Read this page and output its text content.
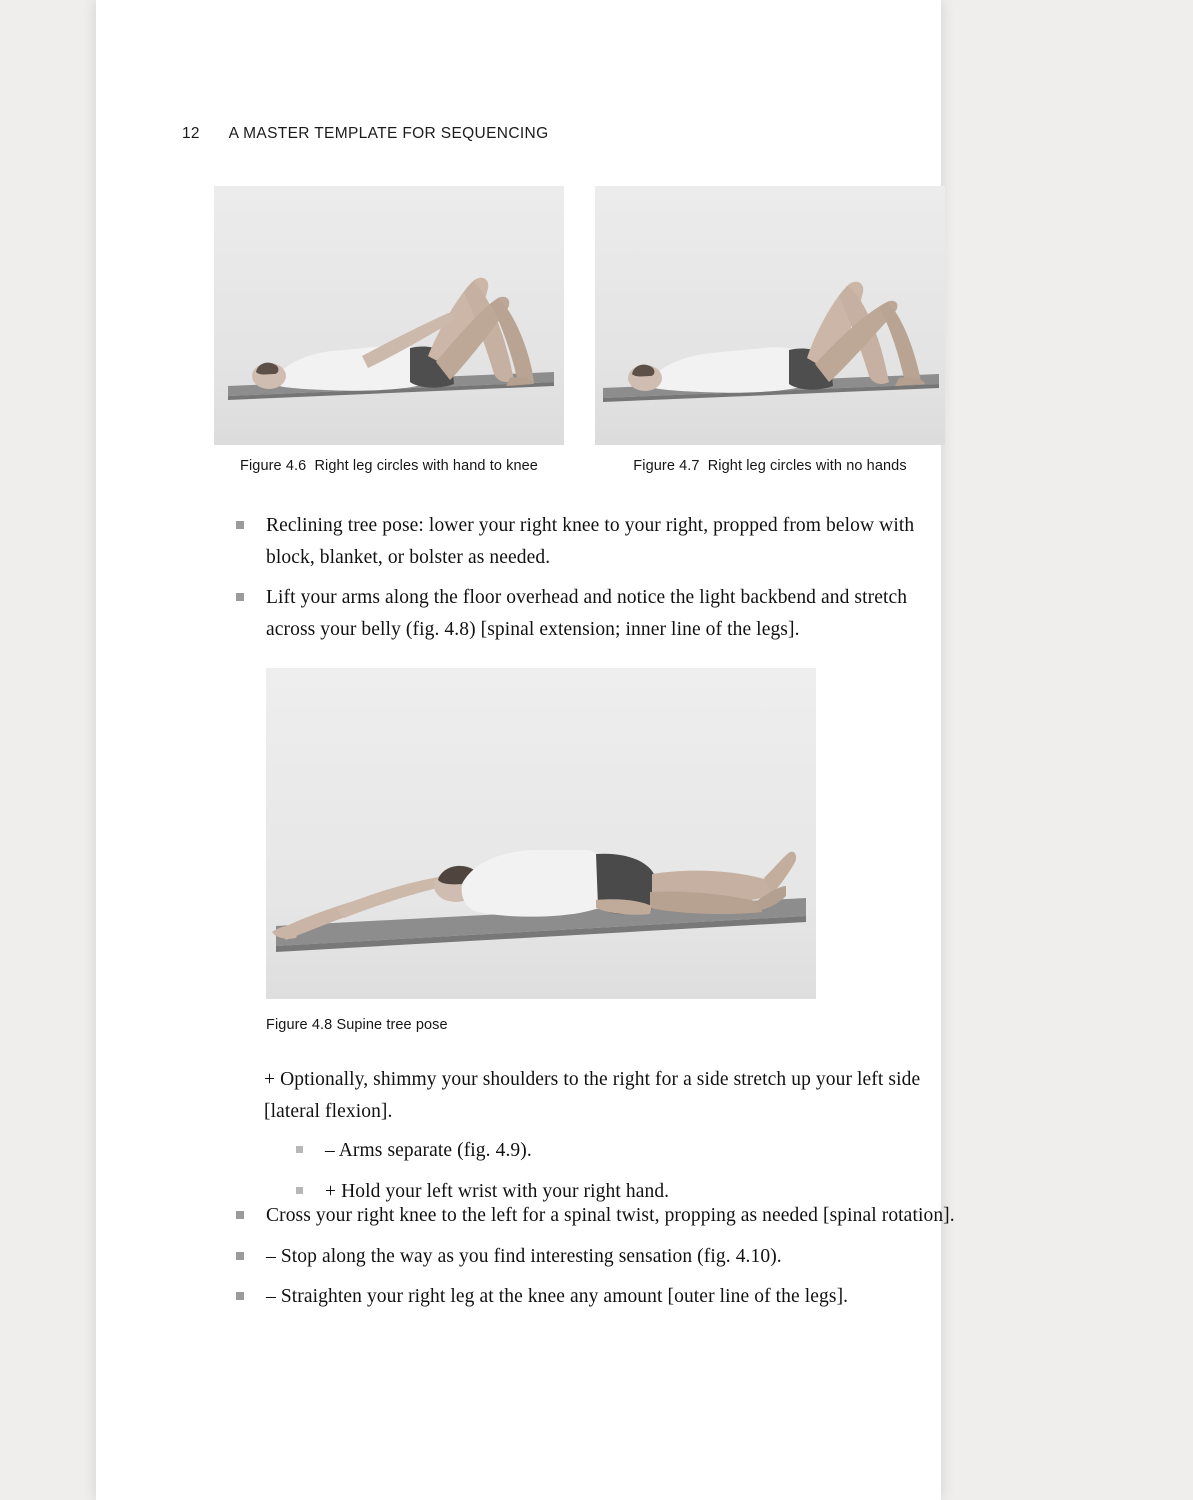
12 A MASTER TEMPLATE FOR SEQUENCING
Figure 4.6 Right leg circles with hand to knee	Figure 4.7 Right leg circles with no hands
Reclining tree pose: lower your right knee to your right, propped from below with block, blanket, or bolster as needed.
Lift your arms along the floor overhead and notice the light backbend and stretch across your belly (fig. 4.8) [spinal extension; inner line of the legs].
Figure 4.8 Supine tree pose
+ Optionally, shimmy your shoulders to the right for a side stretch up your left side [lateral flexion].
– Arms separate (fig. 4.9).
+ Hold your left wrist with your right hand.
Cross your right knee to the left for a spinal twist, propping as needed [spinal rotation].
– Stop along the way as you find interesting sensation (fig. 4.10).
– Straighten your right leg at the knee any amount [outer line of the legs].
